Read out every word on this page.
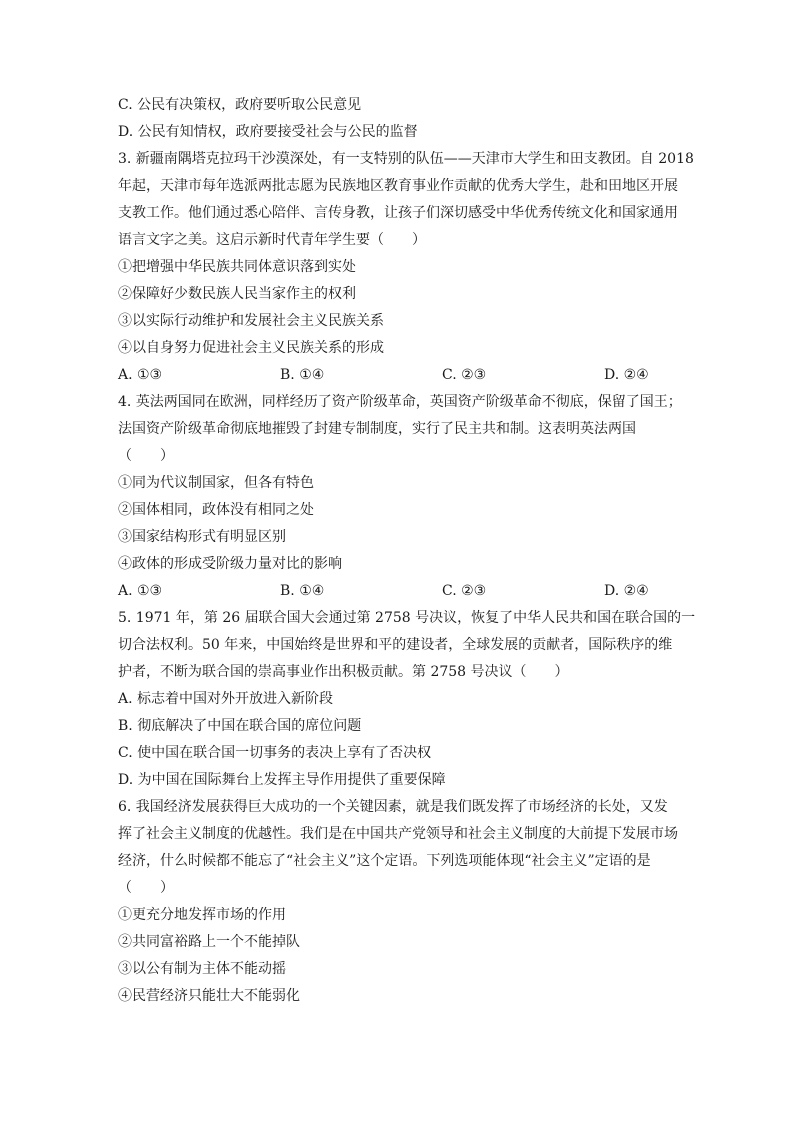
C. 公民有决策权，政府要听取公民意见
D. 公民有知情权，政府要接受社会与公民的监督
3. 新疆南隅塔克拉玛干沙漠深处，有一支特别的队伍——天津市大学生和田支教团。自 2018
年起，天津市每年选派两批志愿为民族地区教育事业作贡献的优秀大学生，赴和田地区开展
支教工作。他们通过悉心陪伴、言传身教，让孩子们深切感受中华优秀传统文化和国家通用
语言文字之美。这启示新时代青年学生要（　　）
①把增强中华民族共同体意识落到实处
②保障好少数民族人民当家作主的权利
③以实际行动维护和发展社会主义民族关系
④以自身努力促进社会主义民族关系的形成
A. ①③	B. ①④	C. ②③	D. ②④
4. 英法两国同在欧洲，同样经历了资产阶级革命，英国资产阶级革命不彻底，保留了国王；
法国资产阶级革命彻底地摧毁了封建专制制度，实行了民主共和制。这表明英法两国
（　　）
①同为代议制国家，但各有特色
②国体相同，政体没有相同之处
③国家结构形式有明显区别
④政体的形成受阶级力量对比的影响
A. ①③	B. ①④	C. ②③	D. ②④
5. 1971 年，第 26 届联合国大会通过第 2758 号决议，恢复了中华人民共和国在联合国的一
切合法权利。50 年来，中国始终是世界和平的建设者，全球发展的贡献者，国际秩序的维
护者，不断为联合国的崇高事业作出积极贡献。第 2758 号决议（　　）
A. 标志着中国对外开放进入新阶段
B. 彻底解决了中国在联合国的席位问题
C. 使中国在联合国一切事务的表决上享有了否决权
D. 为中国在国际舞台上发挥主导作用提供了重要保障
6. 我国经济发展获得巨大成功的一个关键因素，就是我们既发挥了市场经济的长处，又发
挥了社会主义制度的优越性。我们是在中国共产党领导和社会主义制度的大前提下发展市场
经济，什么时候都不能忘了“社会主义”这个定语。下列选项能体现“社会主义”定语的是
（　　）
①更充分地发挥市场的作用
②共同富裕路上一个不能掉队
③以公有制为主体不能动摇
④民营经济只能壮大不能弱化
